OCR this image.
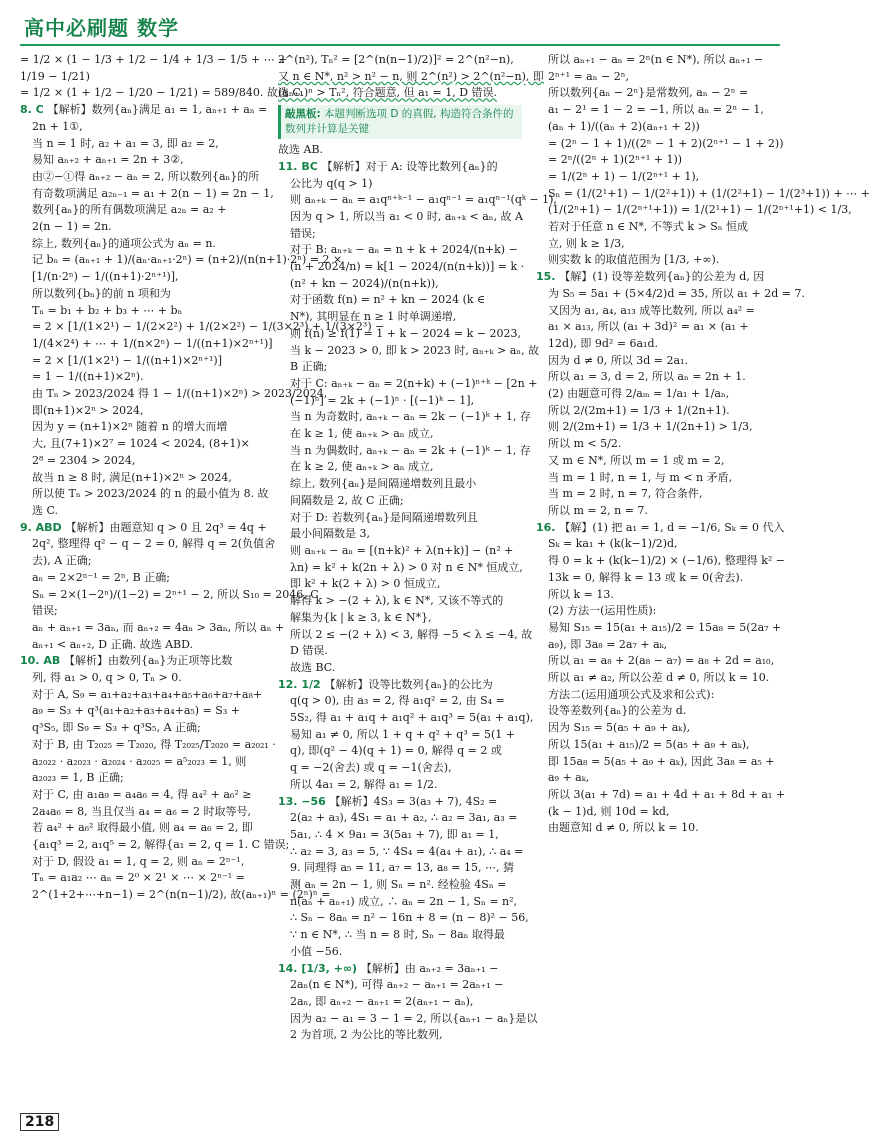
高中必刷题 数学
= 1/2 × (1 − 1/3 + 1/2 − 1/4 + 1/3 − 1/5 + ⋯ +
1/19 − 1/21)
= 1/2 × (1 + 1/2 − 1/20 − 1/21) = 589/840. 故选 C.
8. C 【解析】数列{aₙ}满足 a₁ = 1, aₙ₊₁ + aₙ =
2n + 1①,
当 n = 1 时, a₂ + a₁ = 3, 即 a₂ = 2,
易知 aₙ₊₂ + aₙ₊₁ = 2n + 3②,
由②−①得 aₙ₊₂ − aₙ = 2, 所以数列{aₙ}的所
有奇数项满足 a₂ₙ₋₁ = a₁ + 2(n − 1) = 2n − 1,
数列{aₙ}的所有偶数项满足 a₂ₙ = a₂ +
2(n − 1) = 2n.
综上, 数列{aₙ}的通项公式为 aₙ = n.
记 bₙ = (aₙ₊₁ + 1)/(aₙ·aₙ₊₁·2ⁿ) = (n+2)/(n(n+1)·2ⁿ) = 2 ×
[1/(n·2ⁿ) − 1/((n+1)·2ⁿ⁺¹)],
所以数列{bₙ}的前 n 项和为
Tₙ = b₁ + b₂ + b₃ + ⋯ + bₙ
= 2 × [1/(1×2¹) − 1/(2×2²) + 1/(2×2²) − 1/(3×2³) + 1/(3×2³) −
1/(4×2⁴) + ⋯ + 1/(n×2ⁿ) − 1/((n+1)×2ⁿ⁺¹)]
= 2 × [1/(1×2¹) − 1/((n+1)×2ⁿ⁺¹)]
= 1 − 1/((n+1)×2ⁿ).
由 Tₙ > 2023/2024 得 1 − 1/((n+1)×2ⁿ) > 2023/2024,
即(n+1)×2ⁿ > 2024,
因为 y = (n+1)×2ⁿ 随着 n 的增大而增
大, 且(7+1)×2⁷ = 1024 < 2024, (8+1)×
2⁸ = 2304 > 2024,
故当 n ≥ 8 时, 满足(n+1)×2ⁿ > 2024,
所以使 Tₙ > 2023/2024 的 n 的最小值为 8. 故
选 C.
9. ABD 【解析】由题意知 q > 0 且 2q³ = 4q +
2q², 整理得 q² − q − 2 = 0, 解得 q = 2(负值舍
去), A 正确;
aₙ = 2×2ⁿ⁻¹ = 2ⁿ, B 正确;
Sₙ = 2×(1−2ⁿ)/(1−2) = 2ⁿ⁺¹ − 2, 所以 S₁₀ = 2046, C
错误;
aₙ + aₙ₊₁ = 3aₙ, 而 aₙ₊₂ = 4aₙ > 3aₙ, 所以 aₙ +
aₙ₊₁ < aₙ₊₂, D 正确. 故选 ABD.
10. AB 【解析】由数列{aₙ}为正项等比数
列, 得 a₁ > 0, q > 0, Tₙ > 0.
对于 A, S₉ = a₁+a₂+a₃+a₄+a₅+a₆+a₇+a₈+
a₉ = S₃ + q³(a₁+a₂+a₃+a₄+a₅) = S₃ +
q³S₅, 即 S₉ = S₃ + q³S₅, A 正确;
对于 B, 由 T₂₀₂₅ = T₂₀₂₀, 得 T₂₀₂₅/T₂₀₂₀ = a₂₀₂₁ ·
a₂₀₂₂ · a₂₀₂₃ · a₂₀₂₄ · a₂₀₂₅ = a⁵₂₀₂₃ = 1, 则
a₂₀₂₃ = 1, B 正确;
对于 C, 由 a₁a₉ = a₄a₆ = 4, 得 a₄² + a₆² ≥
2a₄a₆ = 8, 当且仅当 a₄ = a₆ = 2 时取等号,
若 a₄² + a₆² 取得最小值, 则 a₄ = a₆ = 2, 即
{a₁q³ = 2, a₁q⁵ = 2, 解得{a₁ = 2, q = 1. C 错误;
对于 D, 假设 a₁ = 1, q = 2, 则 aₙ = 2ⁿ⁻¹,
Tₙ = a₁a₂ ⋯ aₙ = 2⁰ × 2¹ × ⋯ × 2ⁿ⁻¹ =
2^(1+2+⋯+n−1) = 2^(n(n−1)/2), 故(aₙ₊₁)ⁿ = (2ⁿ)ⁿ =
2^(n²), Tₙ² = [2^(n(n−1)/2)]² = 2^(n²−n),
又 n ∈ N*, n² > n² − n, 则 2^(n²) > 2^(n²−n), 即
(aₙ₊₁)ⁿ > Tₙ², 符合题意, 但 a₁ = 1, D 错误.
敲黑板: 本题判断选项 D 的真假, 构造符合条件的数列并计算是关键
故选 AB.
11. BC 【解析】对于 A: 设等比数列{aₙ}的
公比为 q(q > 1)
则 aₙ₊ₖ − aₙ = a₁qⁿ⁺ᵏ⁻¹ − a₁qⁿ⁻¹ = a₁qⁿ⁻¹(qᵏ − 1),
因为 q > 1, 所以当 a₁ < 0 时, aₙ₊ₖ < aₙ, 故 A
错误;
对于 B: aₙ₊ₖ − aₙ = n + k + 2024/(n+k) −
(n + 2024/n) = k[1 − 2024/(n(n+k))] = k ·
(n² + kn − 2024)/(n(n+k)),
对于函数 f(n) = n² + kn − 2024 (k ∈
N*), 其明显在 n ≥ 1 时单调递增,
则 f(n) ≥ f(1) = 1 + k − 2024 = k − 2023,
当 k − 2023 > 0, 即 k > 2023 时, aₙ₊ₖ > aₙ, 故
B 正确;
对于 C: aₙ₊ₖ − aₙ = 2(n+k) + (−1)ⁿ⁺ᵏ − [2n +
(−1)ⁿ] = 2k + (−1)ⁿ · [(−1)ᵏ − 1],
当 n 为奇数时, aₙ₊ₖ − aₙ = 2k − (−1)ᵏ + 1, 存
在 k ≥ 1, 使 aₙ₊ₖ > aₙ 成立,
当 n 为偶数时, aₙ₊ₖ − aₙ = 2k + (−1)ᵏ − 1, 存
在 k ≥ 2, 使 aₙ₊ₖ > aₙ 成立,
综上, 数列{aₙ}是间隔递增数列且最小
间隔数是 2, 故 C 正确;
对于 D: 若数列{aₙ}是间隔递增数列且
最小间隔数是 3,
则 aₙ₊ₖ − aₙ = [(n+k)² + λ(n+k)] − (n² +
λn) = k² + k(2n + λ) > 0 对 n ∈ N* 恒成立,
即 k² + k(2 + λ) > 0 恒成立,
解得 k > −(2 + λ), k ∈ N*, 又该不等式的
解集为{k | k ≥ 3, k ∈ N*},
所以 2 ≤ −(2 + λ) < 3, 解得 −5 < λ ≤ −4, 故
D 错误.
故选 BC.
12. 1/2 【解析】设等比数列{aₙ}的公比为
q(q > 0), 由 a₃ = 2, 得 a₁q² = 2, 由 S₄ =
5S₂, 得 a₁ + a₁q + a₁q² + a₁q³ = 5(a₁ + a₁q),
易知 a₁ ≠ 0, 所以 1 + q + q² + q³ = 5(1 +
q), 即(q² − 4)(q + 1) = 0, 解得 q = 2 或
q = −2(舍去) 或 q = −1(舍去),
所以 4a₁ = 2, 解得 a₁ = 1/2.
13. −56 【解析】4S₃ = 3(a₃ + 7), 4S₂ =
2(a₂ + a₃), 4S₁ = a₁ + a₂, ∴ a₂ = 3a₁, a₃ =
5a₁, ∴ 4 × 9a₁ = 3(5a₁ + 7), 即 a₁ = 1,
∴ a₂ = 3, a₃ = 5, ∵ 4S₄ = 4(a₄ + a₁), ∴ a₄ =
9. 同理得 a₅ = 11, a₇ = 13, a₈ = 15, ⋯, 猜
测 aₙ = 2n − 1, 则 Sₙ = n². 经检验 4Sₙ =
n(aₙ + aₙ₊₁) 成立, ∴ aₙ = 2n − 1, Sₙ = n²,
∴ Sₙ − 8aₙ = n² − 16n + 8 = (n − 8)² − 56,
∵ n ∈ N*, ∴ 当 n = 8 时, Sₙ − 8aₙ 取得最
小值 −56.
14. [1/3, +∞) 【解析】由 aₙ₊₂ = 3aₙ₊₁ −
2aₙ(n ∈ N*), 可得 aₙ₊₂ − aₙ₊₁ = 2aₙ₊₁ −
2aₙ, 即 aₙ₊₂ − aₙ₊₁ = 2(aₙ₊₁ − aₙ),
因为 a₂ − a₁ = 3 − 1 = 2, 所以{aₙ₊₁ − aₙ}是以
2 为首项, 2 为公比的等比数列,
所以 aₙ₊₁ − aₙ = 2ⁿ(n ∈ N*), 所以 aₙ₊₁ −
2ⁿ⁺¹ = aₙ − 2ⁿ,
所以数列{aₙ − 2ⁿ}是常数列, aₙ − 2ⁿ =
a₁ − 2¹ = 1 − 2 = −1, 所以 aₙ = 2ⁿ − 1,
(aₙ + 1)/((aₙ + 2)(aₙ₊₁ + 2))
= (2ⁿ − 1 + 1)/((2ⁿ − 1 + 2)(2ⁿ⁺¹ − 1 + 2))
= 2ⁿ/((2ⁿ + 1)(2ⁿ⁺¹ + 1))
= 1/(2ⁿ + 1) − 1/(2ⁿ⁺¹ + 1),
Sₙ = (1/(2¹+1) − 1/(2²+1)) + (1/(2²+1) − 1/(2³+1)) + ⋯ +
(1/(2ⁿ+1) − 1/(2ⁿ⁺¹+1)) = 1/(2¹+1) − 1/(2ⁿ⁺¹+1) < 1/3,
若对于任意 n ∈ N*, 不等式 k > Sₙ 恒成
立, 则 k ≥ 1/3,
则实数 k 的取值范围为 [1/3, +∞).
15. 【解】(1) 设等差数列{aₙ}的公差为 d, 因
为 S₅ = 5a₁ + (5×4/2)d = 35, 所以 a₁ + 2d = 7.
又因为 a₁, a₄, a₁₃ 成等比数列, 所以 a₄² =
a₁ × a₁₃, 所以 (a₁ + 3d)² = a₁ × (a₁ +
12d), 即 9d² = 6a₁d.
因为 d ≠ 0, 所以 3d = 2a₁.
所以 a₁ = 3, d = 2, 所以 aₙ = 2n + 1.
(2) 由题意可得 2/aₘ = 1/a₁ + 1/aₙ,
所以 2/(2m+1) = 1/3 + 1/(2n+1).
则 2/(2m+1) = 1/3 + 1/(2n+1) > 1/3,
所以 m < 5/2.
又 m ∈ N*, 所以 m = 1 或 m = 2,
当 m = 1 时, n = 1, 与 m < n 矛盾,
当 m = 2 时, n = 7, 符合条件,
所以 m = 2, n = 7.
16. 【解】(1) 把 a₁ = 1, d = −1/6, Sₖ = 0 代入
Sₖ = ka₁ + (k(k−1)/2)d,
得 0 = k + (k(k−1)/2) × (−1/6), 整理得 k² −
13k = 0, 解得 k = 13 或 k = 0(舍去).
所以 k = 13.
(2) 方法一(运用性质):
易知 S₁₅ = 15(a₁ + a₁₅)/2 = 15a₈ = 5(2a₇ +
a₉), 即 3a₈ = 2a₇ + aₖ,
所以 a₁ = a₈ + 2(a₈ − a₇) = a₈ + 2d = a₁₀,
所以 a₁ ≠ a₂, 所以公差 d ≠ 0, 所以 k = 10.
方法二(运用通项公式及求和公式):
设等差数列{aₙ}的公差为 d.
因为 S₁₅ = 5(a₅ + a₉ + aₖ),
所以 15(a₁ + a₁₅)/2 = 5(a₅ + a₉ + aₖ),
即 15a₈ = 5(a₅ + a₉ + aₖ), 因此 3a₈ = a₅ +
a₉ + aₖ,
所以 3(a₁ + 7d) = a₁ + 4d + a₁ + 8d + a₁ +
(k − 1)d, 则 10d = kd,
由题意知 d ≠ 0, 所以 k = 10.
218
